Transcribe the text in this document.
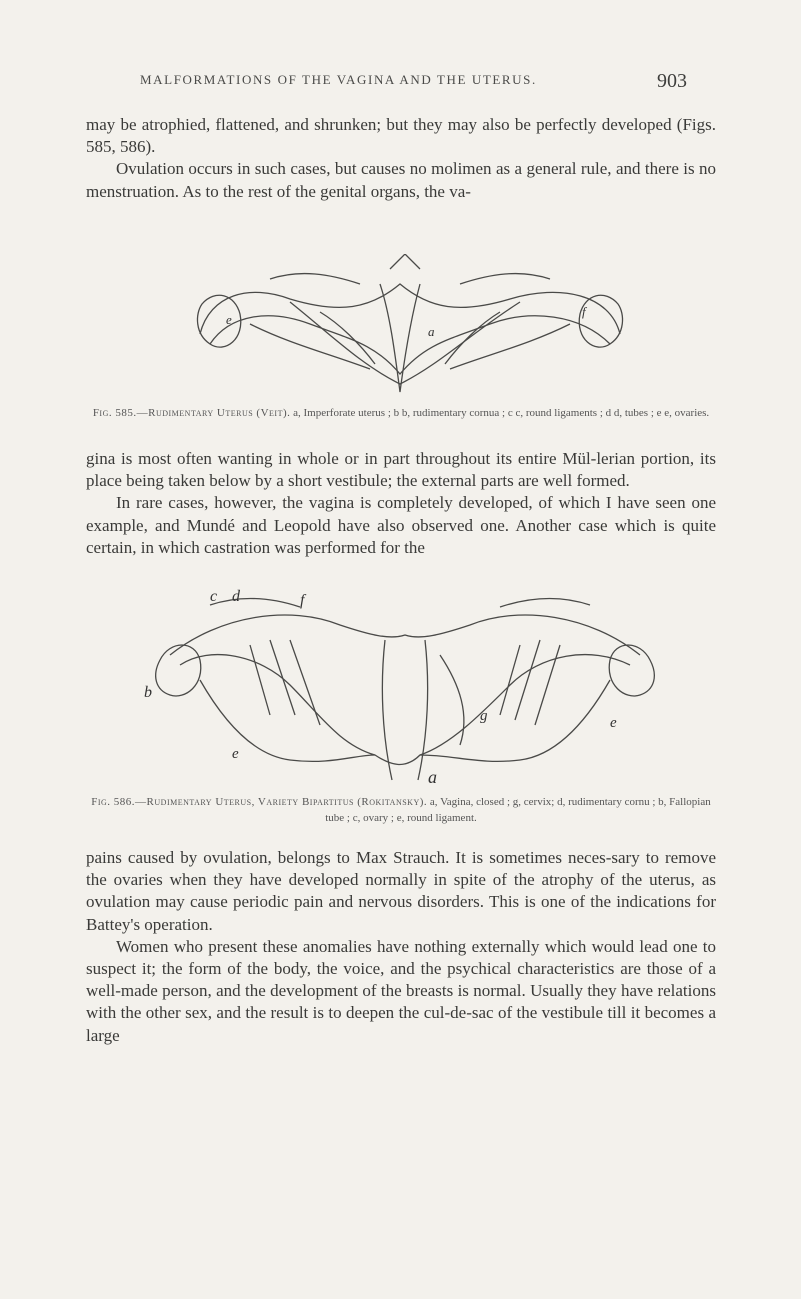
MALFORMATIONS OF THE VAGINA AND THE UTERUS.	903

may be atrophied, flattened, and shrunken; but they may also be perfectly developed (Figs. 585, 586).

Ovulation occurs in such cases, but causes no molimen as a general rule, and there is no menstruation. As to the rest of the genital organs, the va-

a
e
f
Fig. 585.—Rudimentary Uterus (Veit). a, Imperforate uterus ; b b, rudimentary cornua ; c c, round ligaments ; d d, tubes ; e e, ovaries.

gina is most often wanting in whole or in part throughout its entire Mül-lerian portion, its place being taken below by a short vestibule; the external parts are well formed.

In rare cases, however, the vagina is completely developed, of which I have seen one example, and Mundé and Leopold have also observed one. Another case which is quite certain, in which castration was performed for the

c d	f
b
g
e
e
a
Fig. 586.—Rudimentary Uterus, Variety Bipartitus (Rokitansky). a, Vagina, closed ; g, cervix; d, rudimentary cornu ; b, Fallopian tube ; c, ovary ; e, round ligament.

pains caused by ovulation, belongs to Max Strauch. It is sometimes neces-sary to remove the ovaries when they have developed normally in spite of the atrophy of the uterus, as ovulation may cause periodic pain and nervous disorders. This is one of the indications for Battey's operation.

Women who present these anomalies have nothing externally which would lead one to suspect it; the form of the body, the voice, and the psychical characteristics are those of a well-made person, and the development of the breasts is normal. Usually they have relations with the other sex, and the result is to deepen the cul-de-sac of the vestibule till it becomes a large
